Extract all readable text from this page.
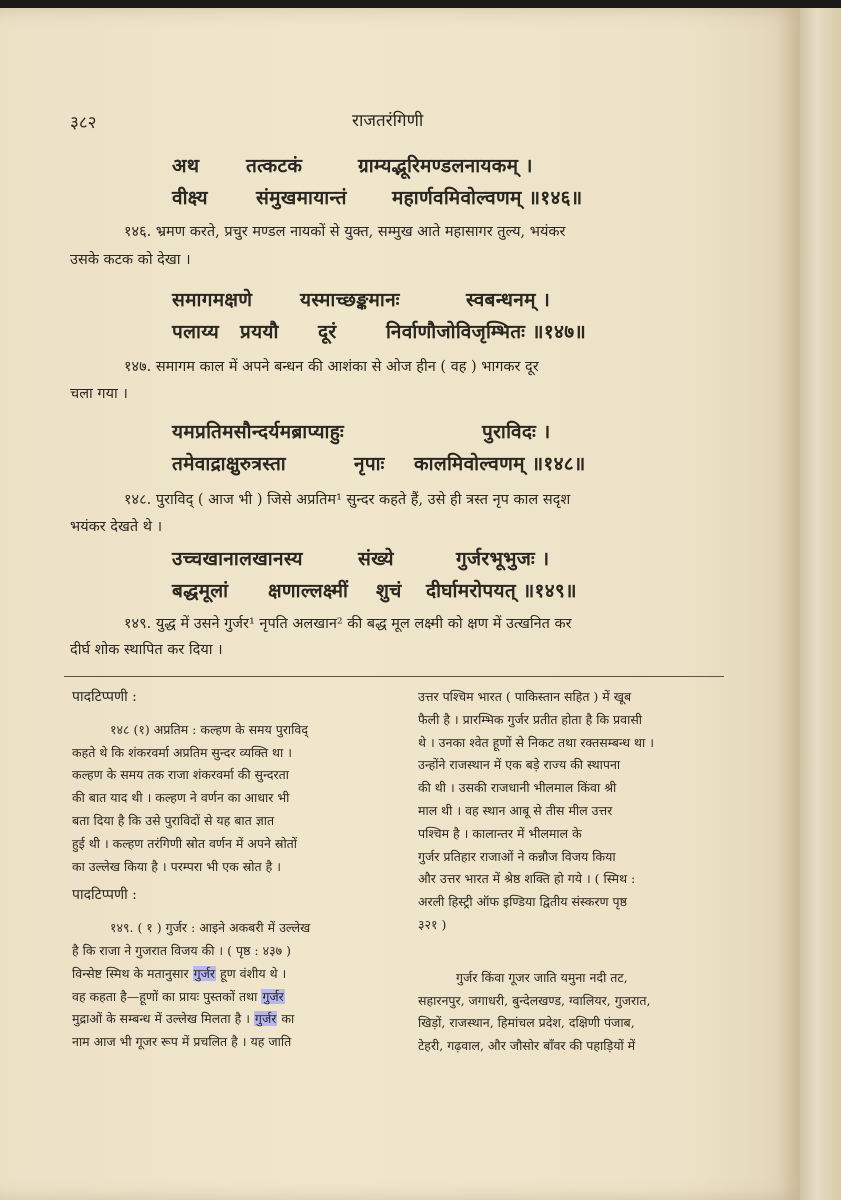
३८२	राजतरंगिणी
अथ तत्कटकं	ग्राम्यद्भूरिमण्डलनायकम् ।
वीक्ष्य	संमुखमायान्तं महार्णवमिवोल्वणम् ॥१४६॥
१४६. भ्रमण करते, प्रचुर मण्डल नायकों से युक्त, सम्मुख आते महासागर तुल्य, भयंकर
उसके कटक को देखा ।
समागमक्षणे	यस्माच्छङ्कमानः	स्वबन्धनम् ।
पलाय्य प्रययौ दूरं	निर्वाणौजोविजृम्भितः ॥१४७॥
१४७. समागम काल में अपने बन्धन की आशंका से ओज हीन ( वह ) भागकर दूर
चला गया ।
यमप्रतिमसौन्दर्यमब्राप्याहुः	पुराविदः ।
तमेवाद्राक्षुरुत्रस्ता	नृपाः कालमिवोल्वणम् ॥१४८॥
१४८. पुराविद् ( आज भी ) जिसे अप्रतिम¹ सुन्दर कहते हैं, उसे ही त्रस्त नृप काल सदृश
भयंकर देखते थे ।
उच्चखानालखानस्य	संख्ये	गुर्जरभूभुजः ।
बद्धमूलां क्षणाल्लक्ष्मीं शुचं दीर्घामरोपयत् ॥१४९॥
१४९. युद्ध में उसने गुर्जर¹ नृपति अलखान² की बद्ध मूल लक्ष्मी को क्षण में उत्खनित कर
दीर्घ शोक स्थापित कर दिया ।

पादटिप्पणी :

१४८ (१) अप्रतिम : कल्हण के समय पुराविद्

कहते थे कि शंकरवर्मा अप्रतिम सुन्दर व्यक्ति था ।

कल्हण के समय तक राजा शंकरवर्मा की सुन्दरता

की बात याद थी । कल्हण ने वर्णन का आधार भी

बता दिया है कि उसे पुराविदों से यह बात ज्ञात

हुई थी । कल्हण तरंगिणी स्रोत वर्णन में अपने स्रोतों

का उल्लेख किया है । परम्परा भी एक स्रोत है ।

पादटिप्पणी :

१४९. ( १ ) गुर्जर : आइने अकबरी में उल्लेख

है कि राजा ने गुजरात विजय की । ( पृष्ठ : ४३७ )

विन्सेष्ट स्मिथ के मतानुसार गुर्जर हूण वंशीय थे ।

वह कहता है—हूणों का प्रायः पुस्तकों तथा गुर्जर

मुद्राओं के सम्बन्ध में उल्लेख मिलता है । गुर्जर का

नाम आज भी गूजर रूप में प्रचलित है । यह जाति

उत्तर पश्चिम भारत ( पाकिस्तान सहित ) में खूब

फैली है । प्रारम्भिक गुर्जर प्रतीत होता है कि प्रवासी

थे । उनका श्वेत हूणों से निकट तथा रक्तसम्बन्ध था ।

उन्होंने राजस्थान में एक बड़े राज्य की स्थापना

की थी । उसकी राजधानी भीलमाल किंवा श्री

माल थी । वह स्थान आबू से तीस मील उत्तर

पश्चिम है । कालान्तर में भीलमाल के

गुर्जर प्रतिहार राजाओं ने कन्नौज विजय किया

और उत्तर भारत में श्रेष्ठ शक्ति हो गये । ( स्मिथ :

अरली हिस्ट्री ऑफ इण्डिया द्वितीय संस्करण पृष्ठ

३२१ )

गुर्जर किंवा गूजर जाति यमुना नदी तट,

सहारनपुर, जगाधरी, बुन्देलखण्ड, ग्वालियर, गुजरात,

खिड़ों, राजस्थान, हिमांचल प्रदेश, दक्षिणी पंजाब,

टेहरी, गढ़वाल, और जौसोर बाँवर की पहाड़ियों में
